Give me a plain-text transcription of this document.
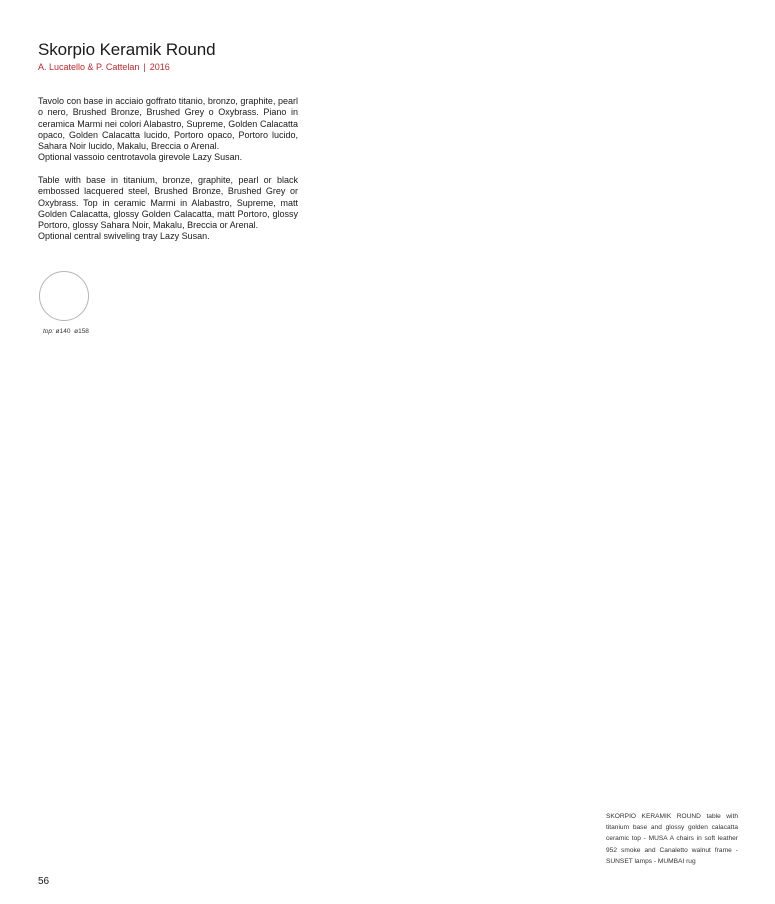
Skorpio Keramik Round
A. Lucatello & P. Cattelan | 2016

Tavolo con base in acciaio goffrato titanio, bronzo, graphite, pearl
o nero, Brushed Bronze, Brushed Grey o Oxybrass. Piano in
ceramica Marmi nei colori Alabastro, Supreme, Golden Calacatta
opaco, Golden Calacatta lucido, Portoro opaco, Portoro lucido,
Sahara Noir lucido, Makalu, Breccia o Arenal.
Optional vassoio centrotavola girevole Lazy Susan.

Table with base in titanium, bronze, graphite, pearl or black
embossed lacquered steel, Brushed Bronze, Brushed Grey or
Oxybrass. Top in ceramic Marmi in Alabastro, Supreme, matt
Golden Calacatta, glossy Golden Calacatta, matt Portoro, glossy
Portoro, glossy Sahara Noir, Makalu, Breccia or Arenal.
Optional central swiveling tray Lazy Susan.

top: ø140 ø158

SKORPIO KERAMIK ROUND table with
titanium base and glossy golden calacatta
ceramic top - MUSA A chairs in soft leather
952 smoke and Canaletto walnut frame -
SUNSET lamps - MUMBAI rug

56
